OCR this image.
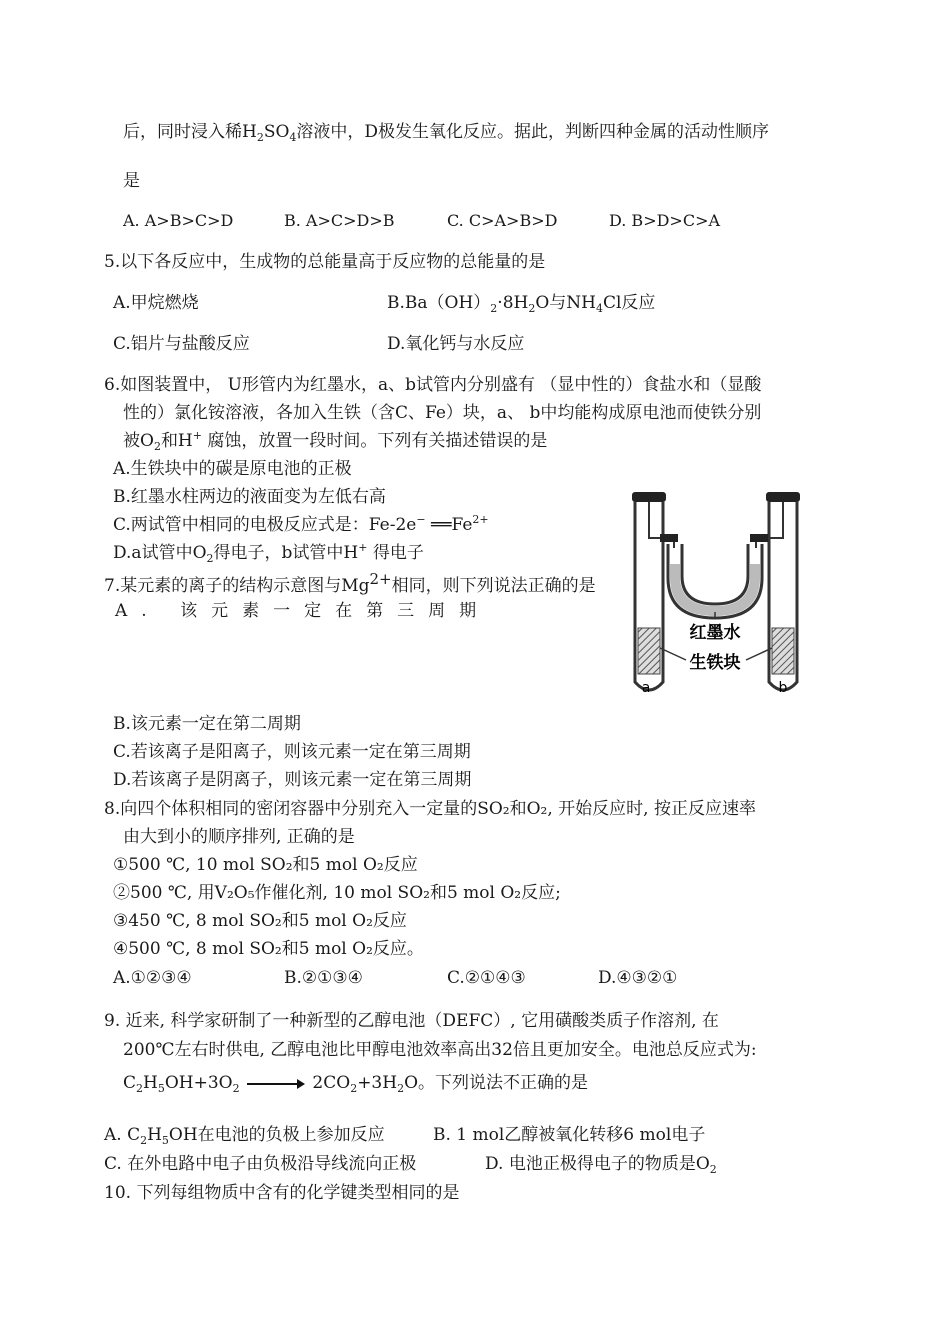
后，同时浸入稀$H_2SO_4$溶液中，D极发生氧化反应。据此，判断四种金属的活动性顺序
是
A. A>B>C>D	B. A>C>D>B	C. C>A>B>D	D. B>D>C>A
5.以下各反应中，生成物的总能量高于反应物的总能量的是
A.甲烷燃烧	$B.Ba(OH)_2\cdot 8H_2O$与$NH_4Cl$反应
C.铝片与盐酸反应	D.氧化钙与水反应
6.如图装置中， U形管内为红墨水，a、b试管内分别盛有 （显中性的）食盐水和（显酸
性的）氯化铵溶液，各加入生铁（含C、Fe）块，a、 b中均能构成原电池而使铁分别
被$O_2$和H+ 腐蚀，放置一段时间。下列有关描述错误的是
A.生铁块中的碳是原电池的正极
B.红墨水柱两边的液面变为左低右高
C.两试管中相同的电极反应式是：Fe-2e− $══Fe^{2+}$
D.a试管中$O_2$得电子，b试管中H+ 得电子
红墨水
生铁块
a	b
7.某元素的离子的结构示意图与Mg2+相同，则下列说法正确的是
A. 该元素一定在第三周期
B.该元素一定在第二周期
C.若该离子是阳离子，则该元素一定在第三周期
D.若该离子是阴离子，则该元素一定在第三周期
8.向四个体积相同的密闭容器中分别充入一定量的SO₂和O₂, 开始反应时, 按正反应速率
由大到小的顺序排列, 正确的是
①500 ℃, 10 mol SO₂和5 mol O₂反应
②500 ℃, 用V₂O₅作催化剂, 10 mol SO₂和5 mol O₂反应;
③450 ℃, 8 mol SO₂和5 mol O₂反应
④500 ℃, 8 mol SO₂和5 mol O₂反应。
A.①②③④	B.②①③④	C.②①④③	D.④③②①
9. 近来, 科学家研制了一种新型的乙醇电池（DEFC）, 它用磺酸类质子作溶剂, 在
200℃左右时供电, 乙醇电池比甲醇电池效率高出32倍且更加安全。电池总反应式为:
$C_2H_5OH+3O_2 \to 2CO_2+3H_2O$。下列说法不正确的是
A. $C_2H_5OH$在电池的负极上参加反应	B. 1 mol乙醇被氧化转移6 mol电子
C. 在外电路中电子由负极沿导线流向正极	D. 电池正极得电子的物质是$O_2$
10. 下列每组物质中含有的化学键类型相同的是
